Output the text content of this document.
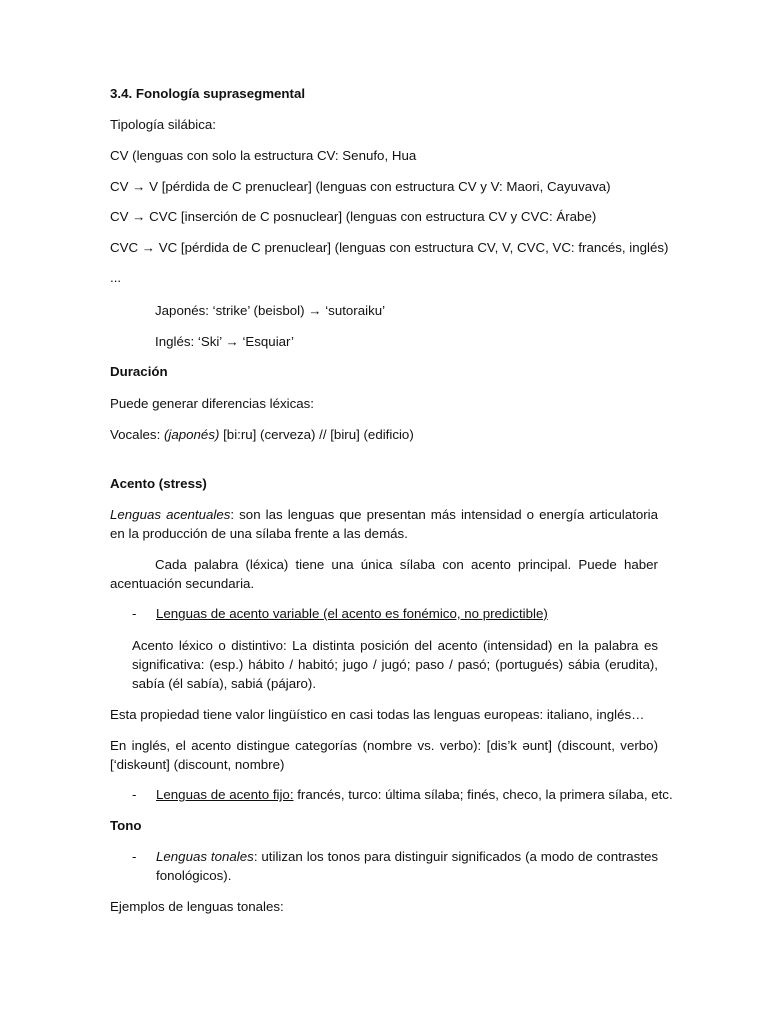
3.4. Fonología suprasegmental
Tipología silábica:
CV (lenguas con solo la estructura CV: Senufo, Hua
CV → V [pérdida de C prenuclear] (lenguas con estructura CV y V: Maori, Cayuvava)
CV → CVC [inserción de C posnuclear] (lenguas con estructura CV y CVC: Árabe)
CVC → VC [pérdida de C prenuclear] (lenguas con estructura CV, V, CVC, VC: francés, inglés)
...
Japonés: ‘strike’ (beisbol) → ‘sutoraiku’
Inglés: ‘Ski’ → ‘Esquiar’
Duración
Puede generar diferencias léxicas:
Vocales: (japonés) [bi:ru] (cerveza) // [biru] (edificio)
Acento (stress)
Lenguas acentuales: son las lenguas que presentan más intensidad o energía articulatoria en la producción de una sílaba frente a las demás.
Cada palabra (léxica) tiene una única sílaba con acento principal. Puede haber acentuación secundaria.
- Lenguas de acento variable (el acento es fonémico, no predictible)
Acento léxico o distintivo: La distinta posición del acento (intensidad) en la palabra es significativa: (esp.) hábito / habitó; jugo / jugó; paso / pasó; (portugués) sábia (erudita), sabía (él sabía), sabiá (pájaro).
Esta propiedad tiene valor lingüístico en casi todas las lenguas europeas: italiano, inglés…
En inglés, el acento distingue categorías (nombre vs. verbo): [dis’k əunt] (discount, verbo) [‘diskəunt] (discount, nombre)
- Lenguas de acento fijo: francés, turco: última sílaba; finés, checo, la primera sílaba, etc.
Tono
- Lenguas tonales: utilizan los tonos para distinguir significados (a modo de contrastes fonológicos).
Ejemplos de lenguas tonales:
